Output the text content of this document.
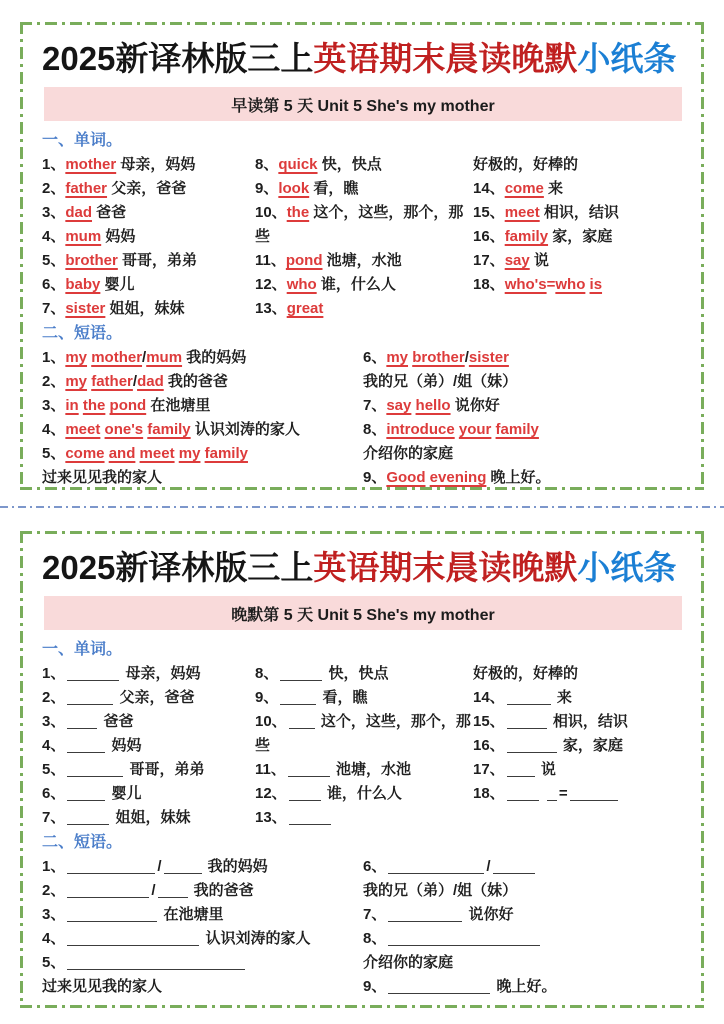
2025新译林版三上英语期末晨读晚默小纸条
早读第 5 天 Unit 5 She's my mother
一、单词。
1、mother 母亲，妈妈
2、father 父亲，爸爸
3、dad 爸爸
4、mum 妈妈
5、brother 哥哥，弟弟
6、baby 婴儿
7、sister 姐姐，妹妹
8、quick 快，快点
9、look 看，瞧
10、the 这个，这些，那个，那些
11、pond 池塘，水池
12、who 谁，什么人
13、great
好极的，好棒的
14、come 来
15、meet 相识，结识
16、family 家，家庭
17、say 说
18、who's=who is
二、短语。
1、my mother/mum 我的妈妈
2、my father/dad 我的爸爸
3、in the pond 在池塘里
4、meet one's family 认识刘涛的家人
5、come and meet my family
过来见见我的家人
6、my brother/sister
我的兄（弟）/姐（妹）
7、say hello 说你好
8、introduce your family
介绍你的家庭
9、Good evening 晚上好。
2025新译林版三上英语期末晨读晚默小纸条
晚默第 5 天 Unit 5 She's my mother
一、单词。
1、	母亲，妈妈
2、	父亲，爸爸
3、 爸爸
4、	妈妈
5、	哥哥，弟弟
6、	婴儿
7、	姐姐，妹妹
8、	快，快点
9、	看，瞧
10、 这个，这些，那个，那些
11、	池塘，水池
12、 谁，什么人
13、
好极的，好棒的
14、	来
15、	相识，结识
16、	家，家庭
17、 说
18、	=
二、短语。
1、	/	我的妈妈
2、	/ 我的爸爸
3、	在池塘里
4、	认识刘涛的家人
5、
过来见见我的家人
6、	/
我的兄（弟）/姐（妹）
7、	说你好
8、
介绍你的家庭
9、	晚上好。
